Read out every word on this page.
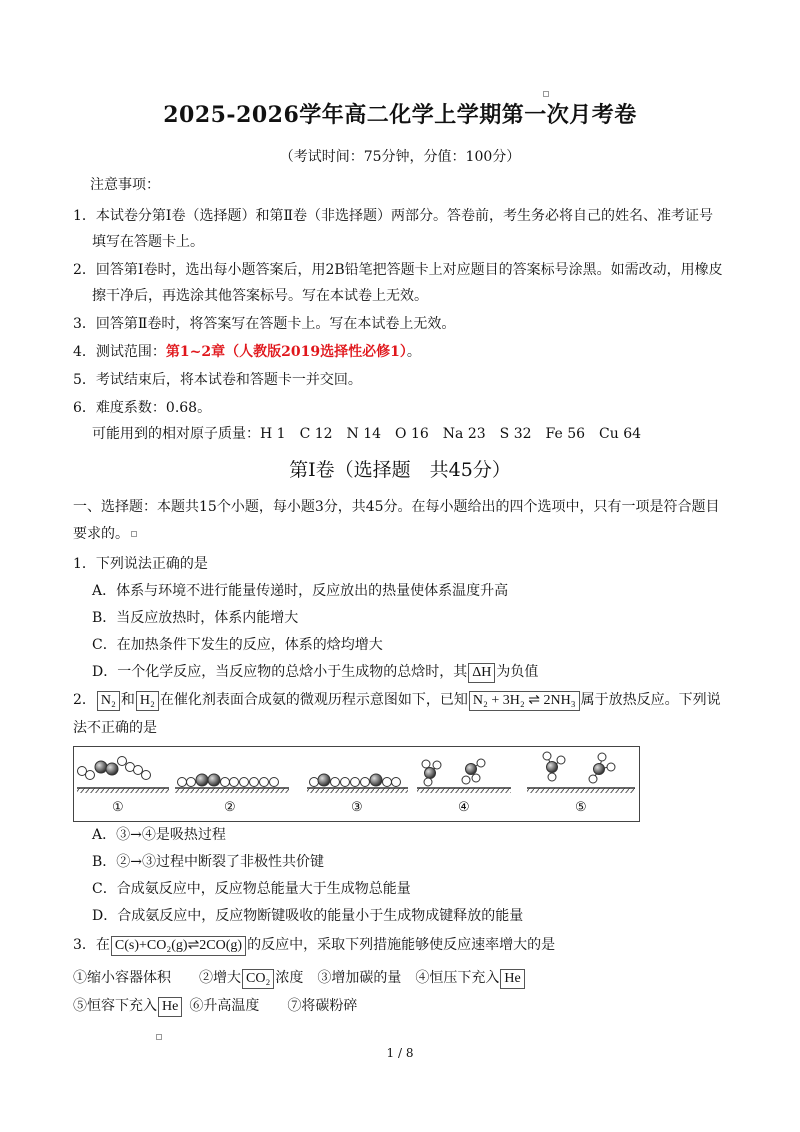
2025-2026学年高二化学上学期第一次月考卷
（考试时间：75分钟，分值：100分）
注意事项：
1．本试卷分第Ⅰ卷（选择题）和第Ⅱ卷（非选择题）两部分。答卷前，考生务必将自己的姓名、准考证号
填写在答题卡上。
2．回答第Ⅰ卷时，选出每小题答案后，用2B铅笔把答题卡上对应题目的答案标号涂黑。如需改动，用橡皮
擦干净后，再选涂其他答案标号。写在本试卷上无效。
3．回答第Ⅱ卷时，将答案写在答题卡上。写在本试卷上无效。
4．测试范围：第1~2章（人教版2019选择性必修1）。
5．考试结束后，将本试卷和答题卡一并交回。
6．难度系数：0.68。
可能用到的相对原子质量：H 1　C 12　N 14　O 16　Na 23　S 32　Fe 56　Cu 64
第Ⅰ卷（选择题　共45分）
一、选择题：本题共15个小题，每小题3分，共45分。在每小题给出的四个选项中，只有一项是符合题目
要求的。
1．下列说法正确的是
A．体系与环境不进行能量传递时，反应放出的热量使体系温度升高
B．当反应放热时，体系内能增大
C．在加热条件下发生的反应，体系的焓均增大
D．一个化学反应，当反应物的总焓小于生成物的总焓时，其 ΔH 为负值
2． N₂ 和 H₂ 在催化剂表面合成氨的微观历程示意图如下，已知 N₂ + 3H₂ ⇌ 2NH₃ 属于放热反应。下列说
法不正确的是
①	②	③	④	⑤
A．③→④是吸热过程
B．②→③过程中断裂了非极性共价键
C．合成氨反应中，反应物总能量大于生成物总能量
D．合成氨反应中，反应物断键吸收的能量小于生成物成键释放的能量
3．在 C(s)+CO₂(g)⇌2CO(g) 的反应中，采取下列措施能够使反应速率增大的是
①缩小容器体积　　②增大 CO₂ 浓度　③增加碳的量　④恒压下充入 He
⑤恒容下充入 He ⑥升高温度　　⑦将碳粉碎
1 / 8
